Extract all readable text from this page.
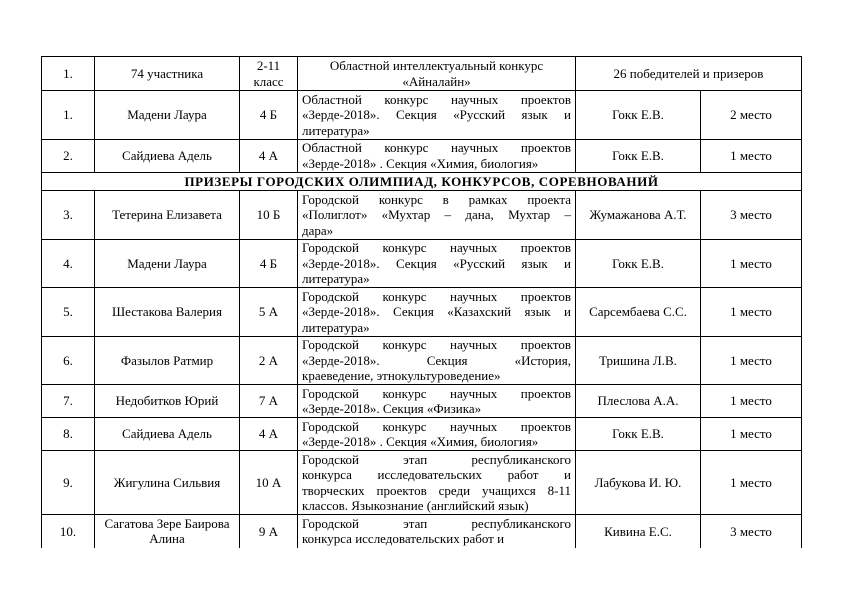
1.	74 участника	2-11 класс	Областной интеллектуальный конкурс «Айналайн»	26 победителей и призеров	
1.	Мадени Лаура	4 Б	Областной конкурс научных проектов
«Зерде-2018». Секция «Русский язык и
литература»	Гокк Е.В.	2 место
2.	Сайдиева Адель	4 А	Областной конкурс научных проектов
«Зерде-2018» . Секция «Химия, биология»	Гокк Е.В.	1 место
ПРИЗЕРЫ ГОРОДСКИХ ОЛИМПИАД, КОНКУРСОВ, СОРЕВНОВАНИЙ					
3.	Тетерина Елизавета	10 Б	Городской конкурс в рамках проекта
«Полиглот» «Мухтар – дана, Мухтар –
дара»	Жумажанова А.Т.	3 место
4.	Мадени Лаура	4 Б	Городской конкурс научных проектов
«Зерде-2018». Секция «Русский язык и
литература»	Гокк Е.В.	1 место
5.	Шестакова Валерия	5 А	Городской конкурс научных проектов
«Зерде-2018». Секция «Казахский язык и
литература»	Сарсембаева С.С.	1 место
6.	Фазылов Ратмир	2 А	Городской конкурс научных проектов
«Зерде-2018». Секция «История,
краеведение, этнокультуроведение»	Тришина Л.В.	1 место
7.	Недобитков Юрий	7 А	Городской конкурс научных проектов
«Зерде-2018». Секция «Физика»	Плеслова А.А.	1 место
8.	Сайдиева Адель	4 А	Городской конкурс научных проектов
«Зерде-2018» . Секция «Химия, биология»	Гокк Е.В.	1 место
9.	Жигулина Сильвия	10 А	Городской этап республиканского
конкурса исследовательских работ и
творческих проектов среди учащихся 8-11
классов. Языкознание (английский язык)	Лабукова И. Ю.	1 место
10.	Сагатова Зере Баирова Алина	9 А	Городской этап республиканского
конкурса исследовательских работ и	Кивина Е.С.	3 место
